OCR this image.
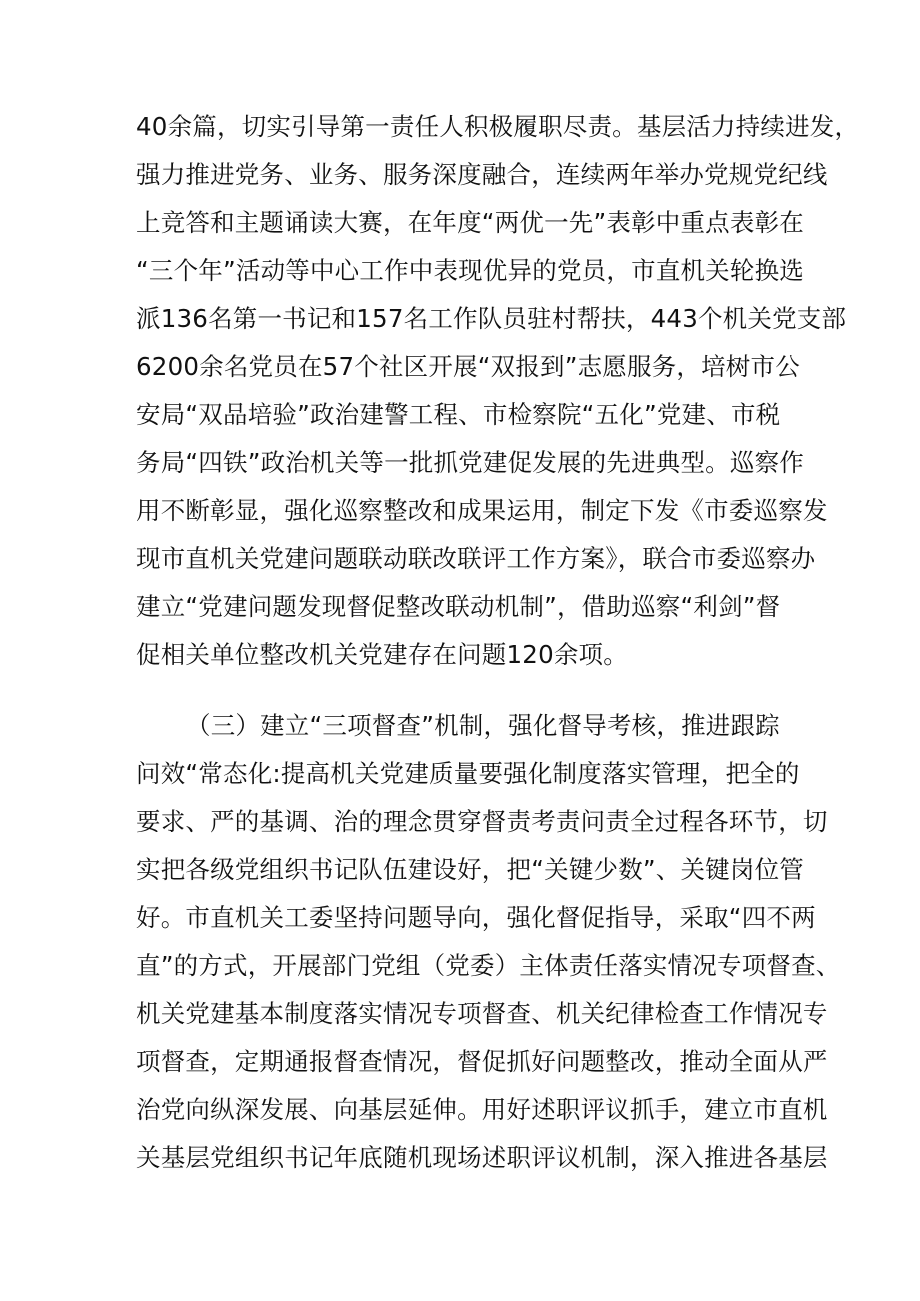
40余篇，切实引导第一责任人积极履职尽责。基层活力持续进发，
强力推进党务、业务、服务深度融合，连续两年举办党规党纪线
上竞答和主题诵读大赛，在年度“两优一先”表彰中重点表彰在
“三个年”活动等中心工作中表现优异的党员，市直机关轮换选
派136名第一书记和157名工作队员驻村帮扶，443个机关党支部
6200余名党员在57个社区开展“双报到”志愿服务，培树市公
安局“双品培验”政治建警工程、市检察院“五化”党建、市税
务局“四铁”政治机关等一批抓党建促发展的先进典型。巡察作
用不断彰显，强化巡察整改和成果运用，制定下发《市委巡察发
现市直机关党建问题联动联改联评工作方案》，联合市委巡察办
建立“党建问题发现督促整改联动机制”，借助巡察“利剑”督
促相关单位整改机关党建存在问题120余项。
（三）建立“三项督查”机制，强化督导考核，推进跟踪
问效“常态化:提高机关党建质量要强化制度落实管理，把全的
要求、严的基调、治的理念贯穿督责考责问责全过程各环节，切
实把各级党组织书记队伍建设好，把“关键少数”、关键岗位管
好。市直机关工委坚持问题导向，强化督促指导，采取“四不两
直”的方式，开展部门党组（党委）主体责任落实情况专项督查、
机关党建基本制度落实情况专项督查、机关纪律检查工作情况专
项督查，定期通报督查情况，督促抓好问题整改，推动全面从严
治党向纵深发展、向基层延伸。用好述职评议抓手，建立市直机
关基层党组织书记年底随机现场述职评议机制，深入推进各基层
